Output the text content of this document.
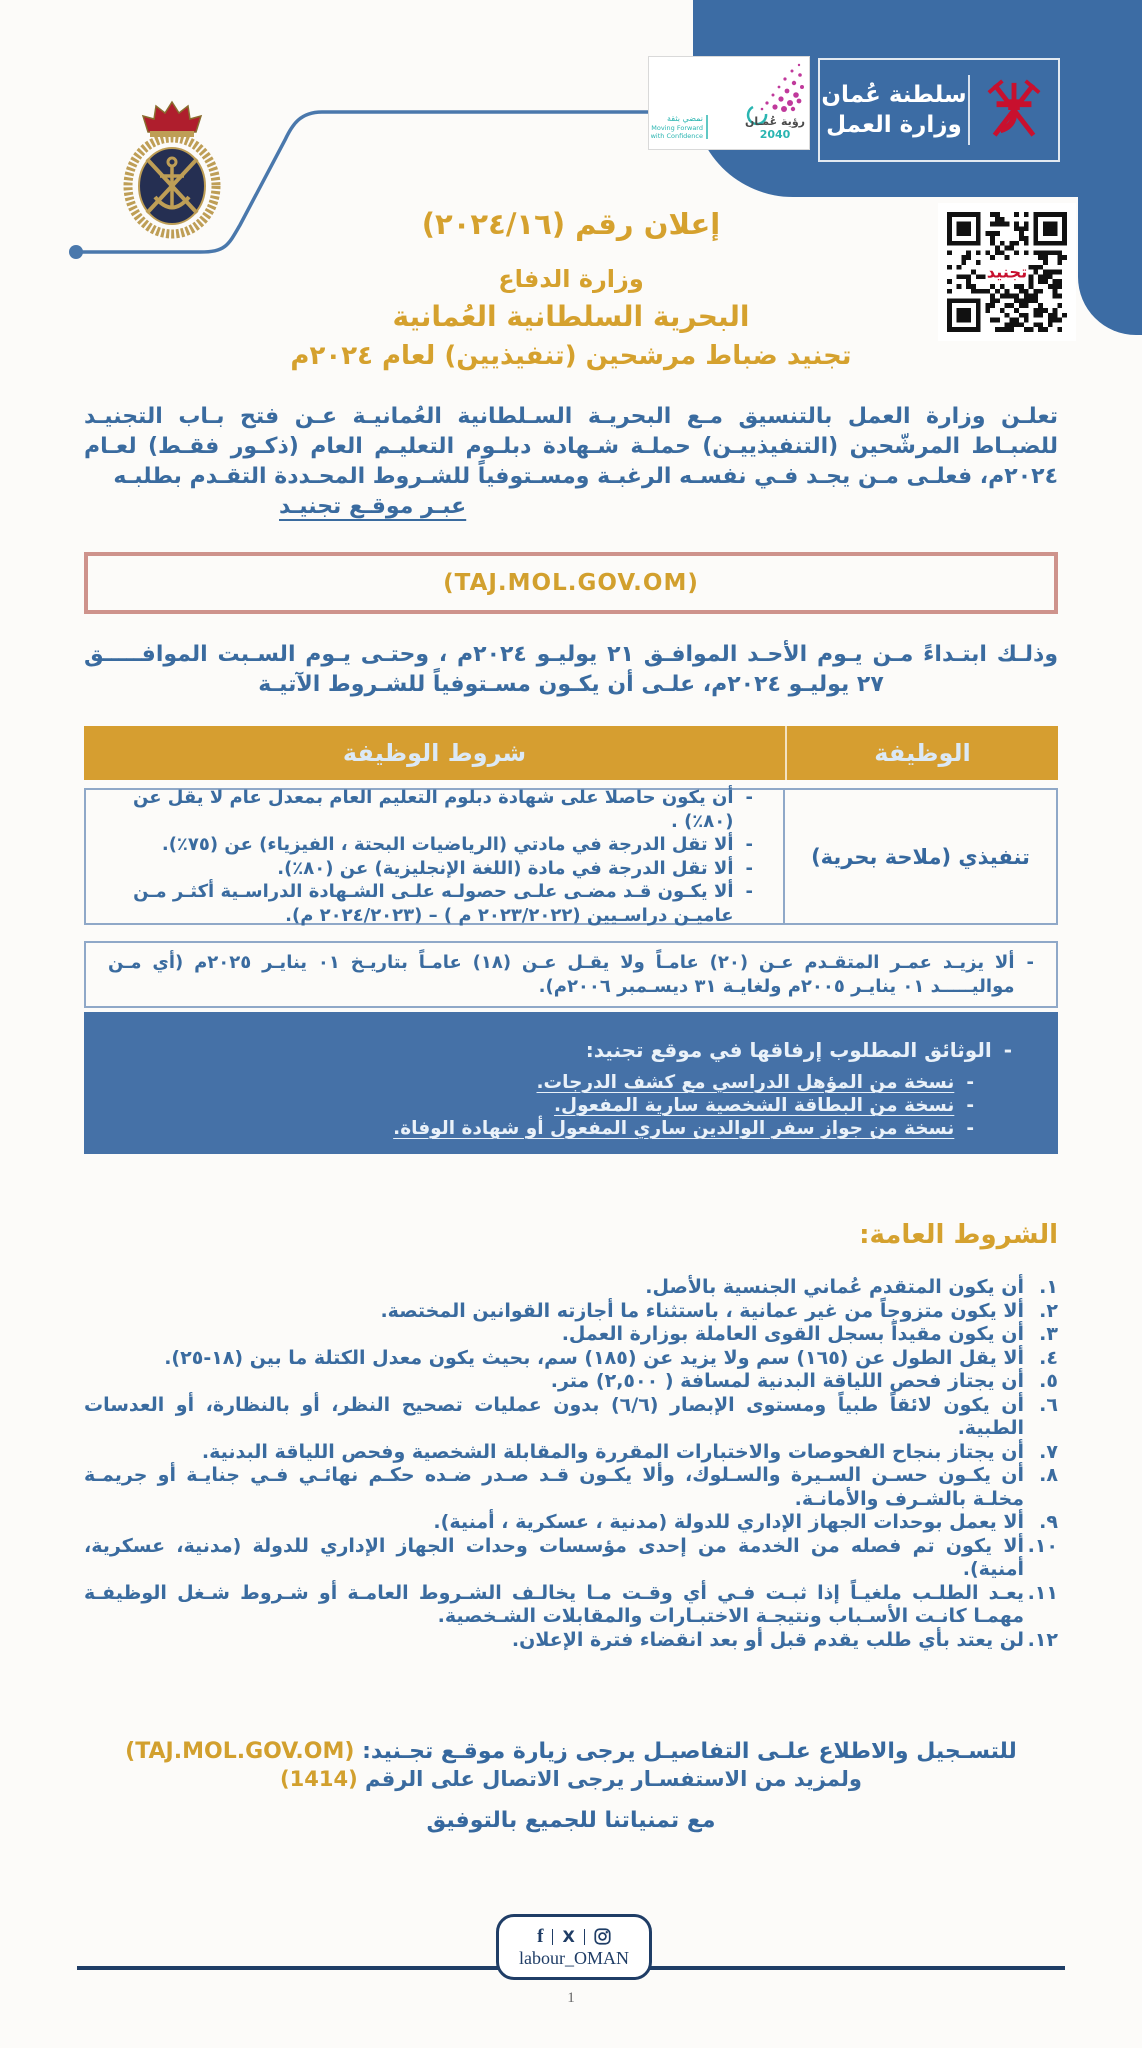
رؤية عُمـان
2040
نمضي بثقة
Moving Forward
with Confidence
سلطنة عُمان
وزارة العمل
تجنيد
إعلان رقم (٢٠٢٤/١٦)
وزارة الدفاع
البحرية السلطانية العُمانية
تجنيد ضباط مرشحين (تنفيذيين) لعام ٢٠٢٤م

تعلـن وزارة العمل بالتنسيق مـع البحريـة السـلطانية العُمانيـة عـن فتح بـاب التجنيـد للضبـاط المرشّحين (التنفيذييـن) حملـة شـهادة دبلـوم التعليـم العام (ذكـور فقـط) لعـام ٢٠٢٤م، فعلـى مـن يجـد فـي نفسـه الرغبـة ومسـتوفياً للشـروط المحـددة التقـدم بطلبـه

عبـر موقـع تجنيـد
(TAJ.MOL.GOV.OM)

وذلـك ابتـداءً مـن يـوم الأحـد الموافـق ٢١ يوليـو ٢٠٢٤م ، وحتـى يـوم السـبت الموافـــــق ٢٧ يوليـو ٢٠٢٤م، علـى أن يكـون مسـتوفياً للشـروط الآتيـة

الوظيفة
شروط الوظيفة
تنفيذي (ملاحة بحرية)
-
أن يكون حاصلا على شهادة دبلوم التعليم العام بمعدل عام لا يقل عن (٨٠٪) .
-
ألا تقل الدرجة في مادتي (الرياضيات البحتة ، الفيزياء) عن (٧٥٪).
-
ألا تقل الدرجة في مادة (اللغة الإنجليزية) عن (٨٠٪).
-
ألا يكـون قـد مضـى علـى حصولـه علـى الشـهادة الدراسـية أكثـر مـن عاميـن دراسـيين (٢٠٢٣/٢٠٢٢ م ) – (٢٠٢٤/٢٠٢٣ م).
-
ألا يزيـد عمـر المتقـدم عـن (٢٠) عامـاً ولا يقـل عـن (١٨) عامـاً بتاريـخ ٠١ ينايـر ٢٠٢٥م (أي مـن مواليـــــد ٠١ ينايـر ٢٠٠٥م ولغايـة ٣١ ديسـمبر ٢٠٠٦م).
-
الوثائق المطلوب إرفاقها في موقع تجنيد:
-
نسخة من المؤهل الدراسي مع كشف الدرجات.
-
نسخة من البطاقة الشخصية سارية المفعول.
-
نسخة من جواز سفر الوالدين ساري المفعول أو شهادة الوفاة.
الشروط العامة:
١.
أن يكون المتقدم عُماني الجنسية بالأصل.
٢.
ألا يكون متزوجاً من غير عمانية ، باستثناء ما أجازته القوانين المختصة.
٣.
أن يكون مقيداً بسجل القوى العاملة بوزارة العمل.
٤.
ألا يقل الطول عن (١٦٥) سم ولا يزيد عن (١٨٥) سم، بحيث يكون معدل الكتلة ما بين (١٨-٢٥).
٥.
أن يجتاز فحص اللياقة البدنية لمسافة ( ٢,٥٠٠) متر.
٦.
أن يكون لائقاً طبياً ومستوى الإبصار (٦/٦) بدون عمليات تصحيح النظر، أو بالنظارة، أو العدسات الطبية.
٧.
أن يجتاز بنجاح الفحوصات والاختبارات المقررة والمقابلة الشخصية وفحص اللياقة البدنية.
٨.
أن يكـون حسـن السـيرة والسـلوك، وألا يكـون قـد صـدر ضـده حكـم نهائـي فـي جنايـة أو جريمـة مخلـة بالشـرف والأمانـة.
٩.
ألا يعمل بوحدات الجهاز الإداري للدولة (مدنية ، عسكرية ، أمنية).
١٠.
ألا يكون تم فصله من الخدمة من إحدى مؤسسات وحدات الجهاز الإداري للدولة (مدنية، عسكرية، أمنية).
١١.
يعـد الطلـب ملغيـاً إذا ثبـت فـي أي وقـت مـا يخالـف الشـروط العامـة أو شـروط شـغل الوظيفـة مهمـا كانـت الأسـباب ونتيجـة الاختبـارات والمقابلات الشـخصية.
١٢.
لن يعتد بأي طلب يقدم قبل أو بعد انقضاء فترة الإعلان.
للتسـجيل والاطلاع علـى التفاصيـل يرجى زيارة موقـع تجـنيد: (TAJ.MOL.GOV.OM)
ولمزيد من الاستفسـار يرجى الاتصال على الرقم (1414)
مع تمنياتنا للجميع بالتوفيق
f X
labour_OMAN
1
